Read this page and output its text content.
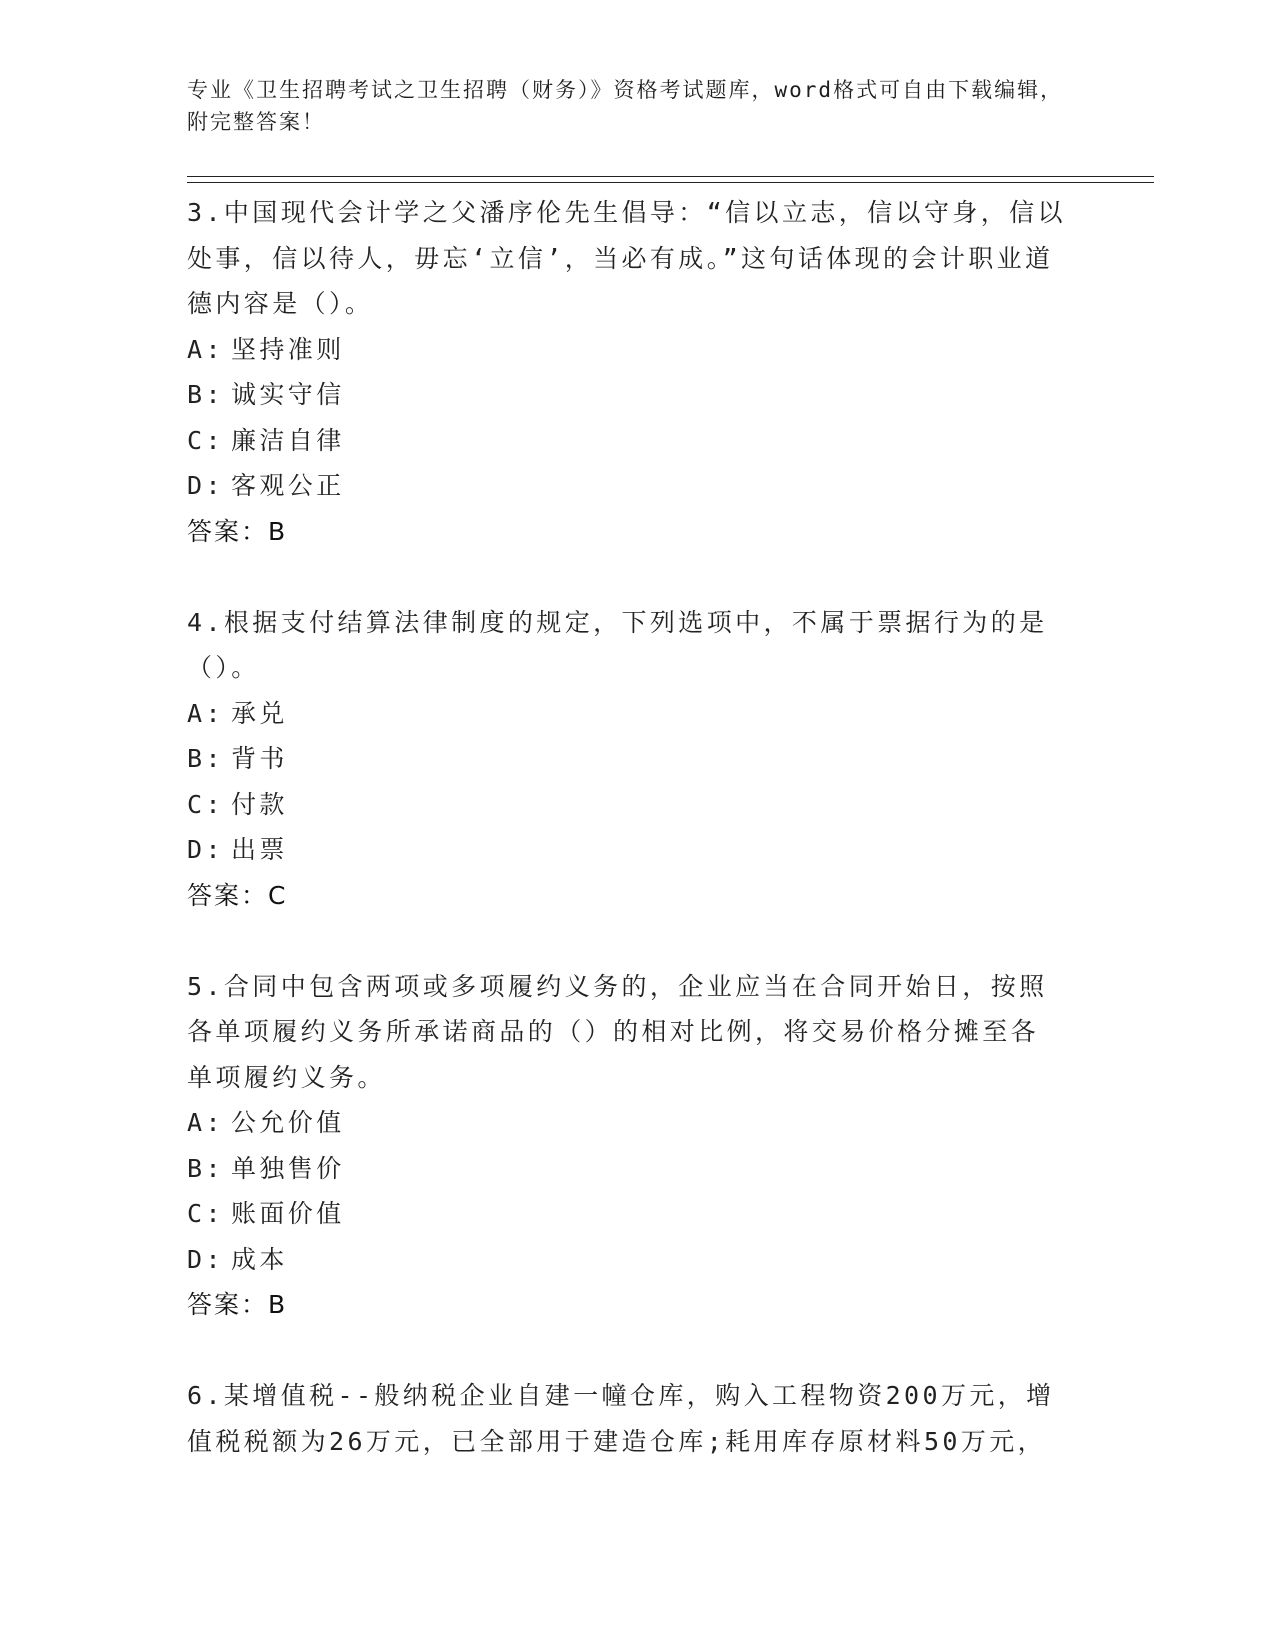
专业《卫生招聘考试之卫生招聘（财务）》资格考试题库，word格式可自由下载编辑，附完整答案！

3.中国现代会计学之父潘序伦先生倡导：“信以立志，信以守身，信以处事，信以待人，毋忘‘立信’，当必有成。”这句话体现的会计职业道德内容是（）。

A: 坚持准则
B: 诚实守信
C: 廉洁自律
D: 客观公正

答案：B

4.根据支付结算法律制度的规定，下列选项中，不属于票据行为的是（）。

A: 承兑
B: 背书
C: 付款
D: 出票

答案：C

5.合同中包含两项或多项履约义务的，企业应当在合同开始日，按照各单项履约义务所承诺商品的（）的相对比例，将交易价格分摊至各单项履约义务。

A: 公允价值
B: 单独售价
C: 账面价值
D: 成本

答案：B

6.某增值税--般纳税企业自建一幢仓库，购入工程物资200万元，增值税税额为26万元，已全部用于建造仓库;耗用库存原材料50万元，
